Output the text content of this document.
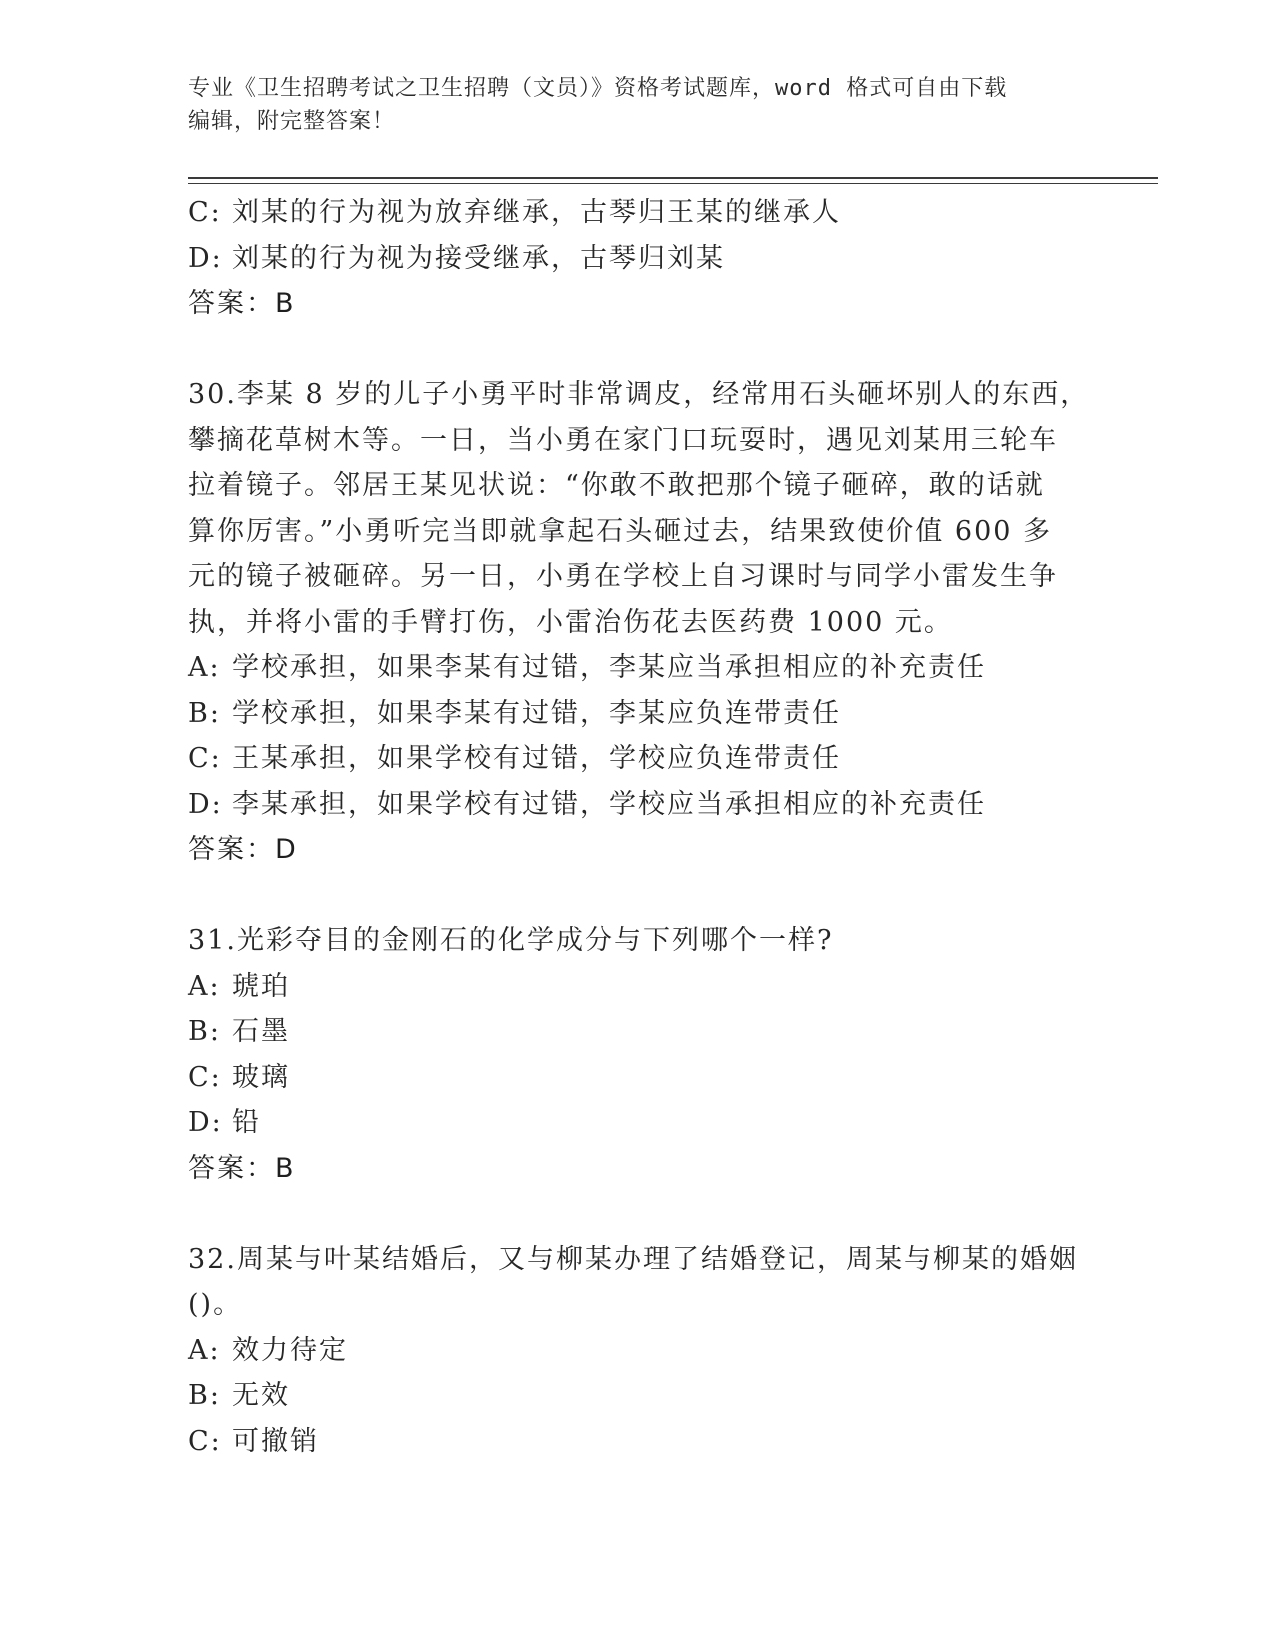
专业《卫生招聘考试之卫生招聘（文员）》资格考试题库，word 格式可自由下载
编辑，附完整答案！
C: 刘某的行为视为放弃继承，古琴归王某的继承人
D: 刘某的行为视为接受继承，古琴归刘某
答案：B
30.李某 8 岁的儿子小勇平时非常调皮，经常用石头砸坏别人的东西，
攀摘花草树木等。一日，当小勇在家门口玩耍时，遇见刘某用三轮车
拉着镜子。邻居王某见状说：“你敢不敢把那个镜子砸碎，敢的话就
算你厉害。”小勇听完当即就拿起石头砸过去，结果致使价值 600 多
元的镜子被砸碎。另一日，小勇在学校上自习课时与同学小雷发生争
执，并将小雷的手臂打伤，小雷治伤花去医药费 1000 元。
A: 学校承担，如果李某有过错，李某应当承担相应的补充责任
B: 学校承担，如果李某有过错，李某应负连带责任
C: 王某承担，如果学校有过错，学校应负连带责任
D: 李某承担，如果学校有过错，学校应当承担相应的补充责任
答案：D
31.光彩夺目的金刚石的化学成分与下列哪个一样?
A: 琥珀
B: 石墨
C: 玻璃
D: 铅
答案：B
32.周某与叶某结婚后，又与柳某办理了结婚登记，周某与柳某的婚姻
()。
A: 效力待定
B: 无效
C: 可撤销
